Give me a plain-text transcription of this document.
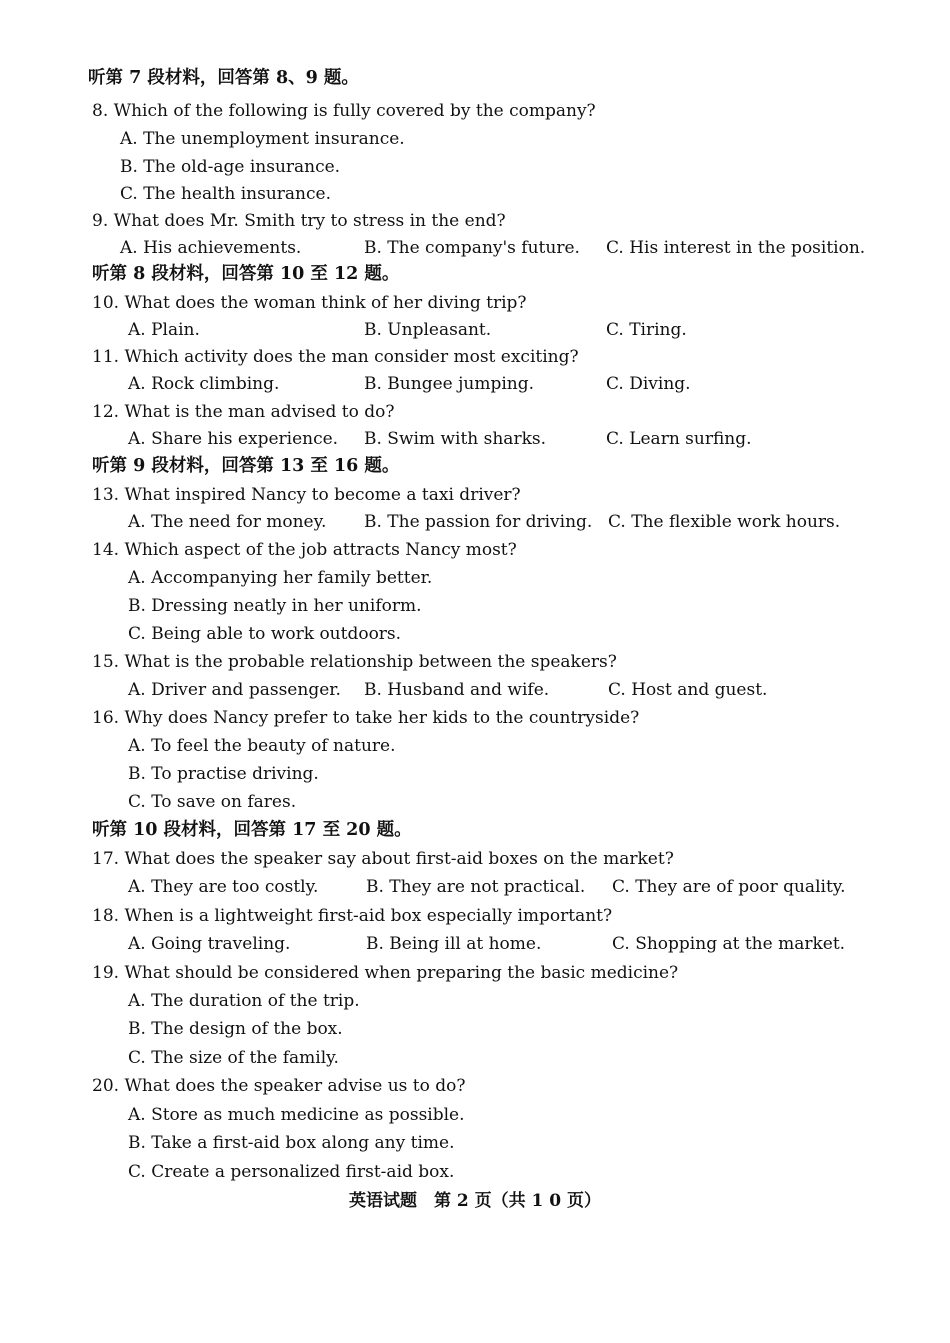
听第 7 段材料，回答第 8、9 题。
8. Which of the following is fully covered by the company?
A. The unemployment insurance.
B. The old-age insurance.
C. The health insurance.
9. What does Mr. Smith try to stress in the end?
A. His achievements.	B. The company's future. C. His interest in the position.
听第 8 段材料，回答第 10 至 12 题。
10. What does the woman think of her diving trip?
A. Plain.	B. Unpleasant.	C. Tiring.
11. Which activity does the man consider most exciting?
A. Rock climbing.	B. Bungee jumping.	C. Diving.
12. What is the man advised to do?
A. Share his experience. B. Swim with sharks.	C. Learn surfing.
听第 9 段材料，回答第 13 至 16 题。
13. What inspired Nancy to become a taxi driver?
A. The need for money. B. The passion for driving. C. The flexible work hours.
14. Which aspect of the job attracts Nancy most?
A. Accompanying her family better.
B. Dressing neatly in her uniform.
C. Being able to work outdoors.
15. What is the probable relationship between the speakers?
A. Driver and passenger. B. Husband and wife.	C. Host and guest.
16. Why does Nancy prefer to take her kids to the countryside?
A. To feel the beauty of nature.
B. To practise driving.
C. To save on fares.
听第 10 段材料，回答第 17 至 20 题。
17. What does the speaker say about first-aid boxes on the market?
A. They are too costly.	B. They are not practical. C. They are of poor quality.
18. When is a lightweight first-aid box especially important?
A. Going traveling.	B. Being ill at home.	C. Shopping at the market.
19. What should be considered when preparing the basic medicine?
A. The duration of the trip.
B. The design of the box.
C. The size of the family.
20. What does the speaker advise us to do?
A. Store as much medicine as possible.
B. Take a first-aid box along any time.
C. Create a personalized first-aid box.
英语试题　第 2 页（共 1 0 页）
